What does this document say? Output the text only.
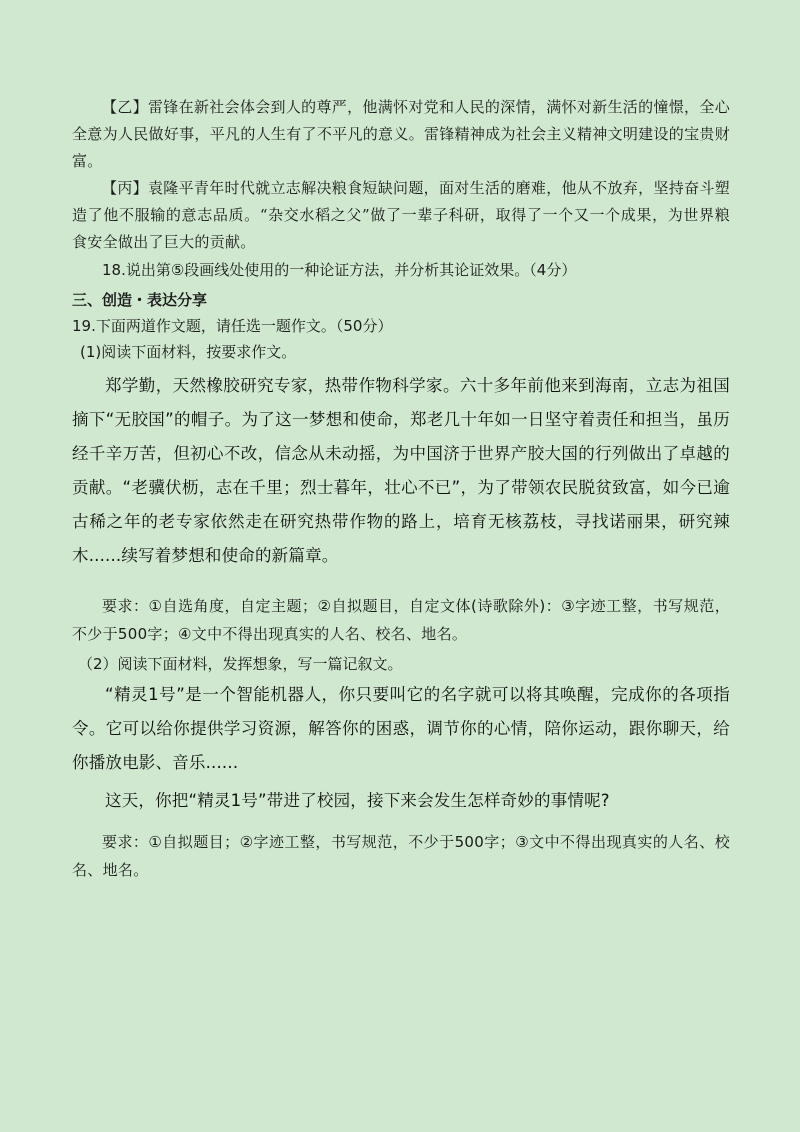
【乙】雷锋在新社会体会到人的尊严，他满怀对党和人民的深情，满怀对新生活的憧憬，全心全意为人民做好事，平凡的人生有了不平凡的意义。雷锋精神成为社会主义精神文明建设的宝贵财富。

【丙】袁隆平青年时代就立志解决粮食短缺问题，面对生活的磨难，他从不放弃，坚持奋斗塑造了他不服输的意志品质。“杂交水稻之父”做了一辈子科研，取得了一个又一个成果，为世界粮食安全做出了巨大的贡献。

18.说出第⑤段画线处使用的一种论证方法，并分析其论证效果。（4分）

三、创造・表达分享

19.下面两道作文题，请任选一题作文。（50分）

(1)阅读下面材料，按要求作文。

郑学勤，天然橡胶研究专家，热带作物科学家。六十多年前他来到海南，立志为祖国摘下“无胶国”的帽子。为了这一梦想和使命，郑老几十年如一日坚守着责任和担当，虽历经千辛万苦，但初心不改，信念从未动摇，为中国济于世界产胶大国的行列做出了卓越的贡献。“老骥伏枥，志在千里；烈士暮年，壮心不已”，为了带领农民脱贫致富，如今已逾古稀之年的老专家依然走在研究热带作物的路上，培育无核荔枝，寻找诺丽果，研究辣木......续写着梦想和使命的新篇章。

要求：①自选角度，自定主题；②自拟题目，自定文体(诗歌除外)：③字迹工整，书写规范，不少于500字；④文中不得出现真实的人名、校名、地名。

（2）阅读下面材料，发挥想象，写一篇记叙文。

“精灵1号”是一个智能机器人，你只要叫它的名字就可以将其唤醒，完成你的各项指令。它可以给你提供学习资源，解答你的困惑，调节你的心情，陪你运动，跟你聊天，给你播放电影、音乐......

这天，你把“精灵1号”带进了校园，接下来会发生怎样奇妙的事情呢?

要求：①自拟题目；②字迹工整，书写规范，不少于500字；③文中不得出现真实的人名、校名、地名。
